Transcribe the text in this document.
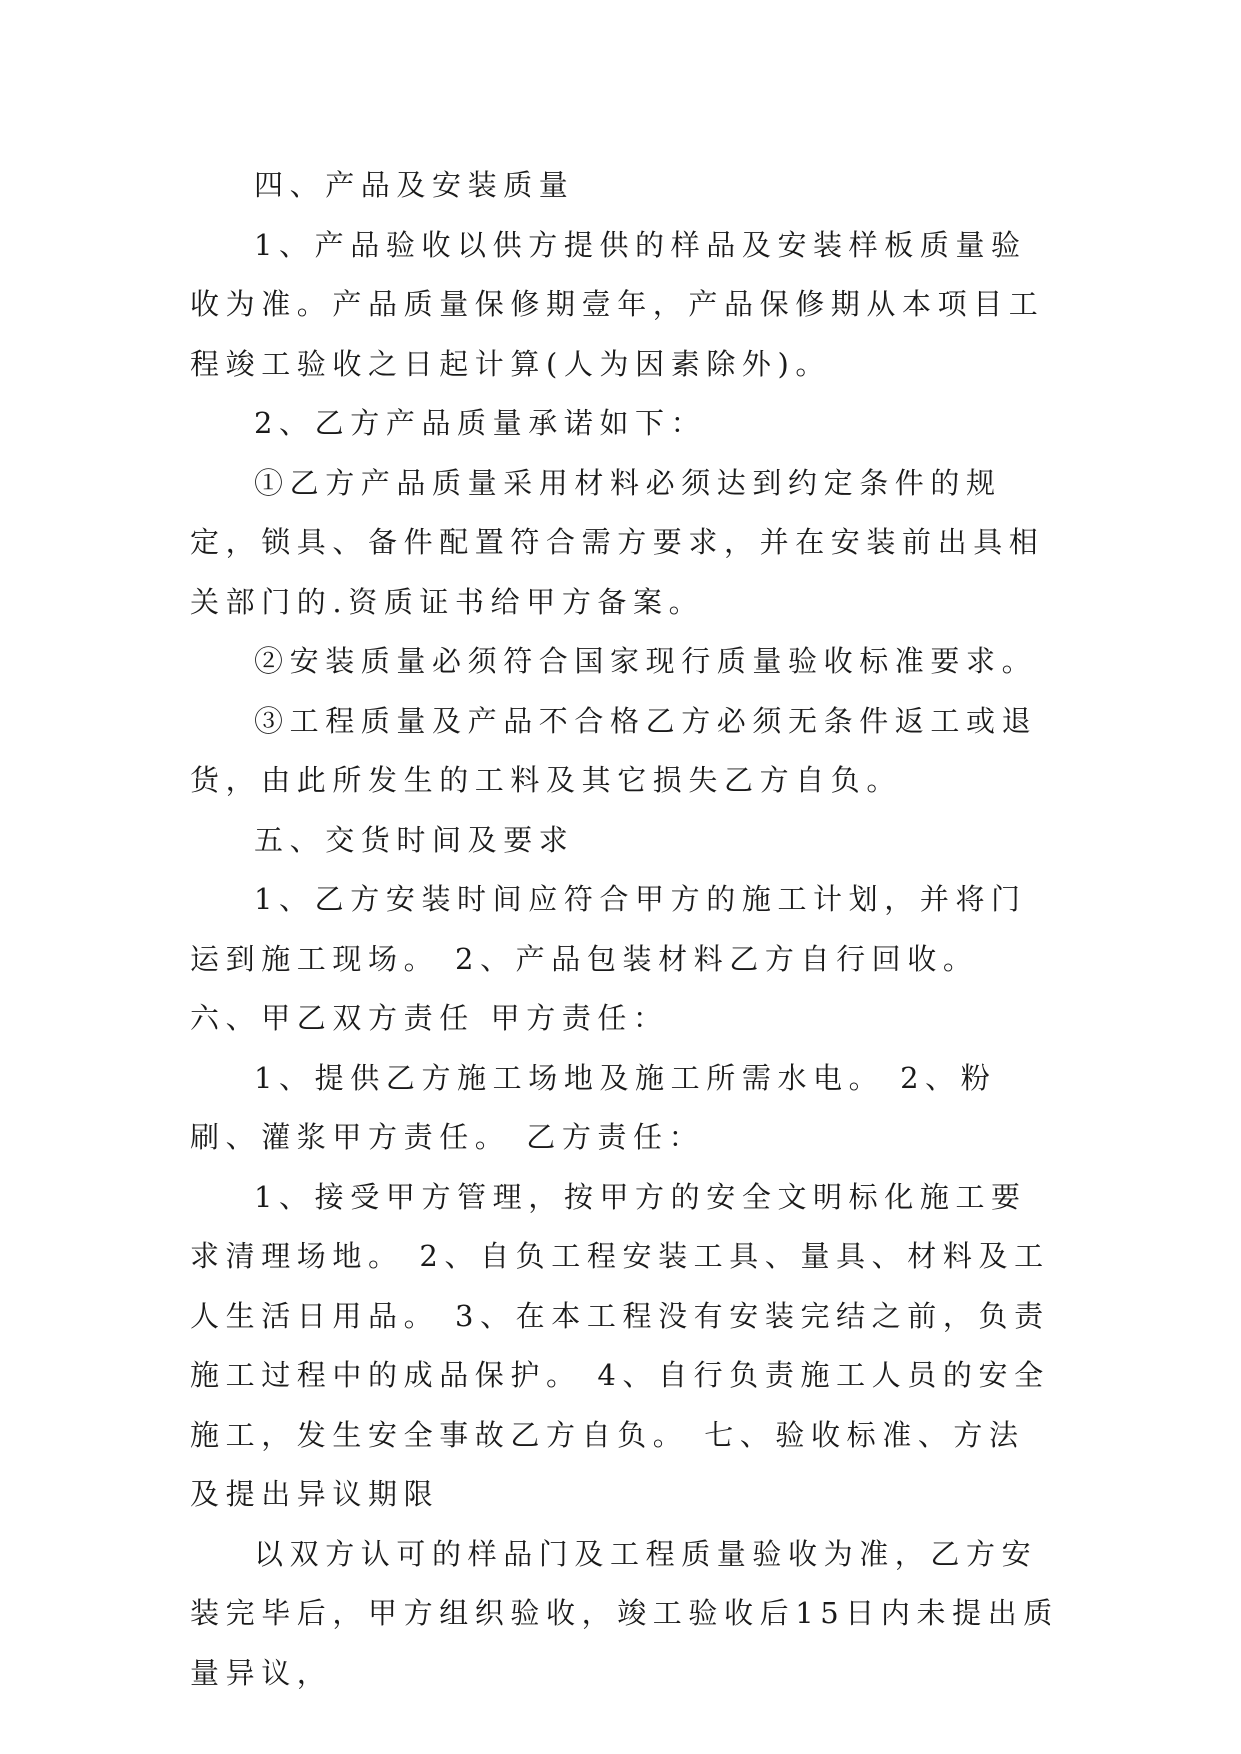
四、产品及安装质量

1、产品验收以供方提供的样品及安装样板质量验收为准。产品质量保修期壹年，产品保修期从本项目工程竣工验收之日起计算(人为因素除外)。

2、乙方产品质量承诺如下：

①乙方产品质量采用材料必须达到约定条件的规定，锁具、备件配置符合需方要求，并在安装前出具相关部门的.资质证书给甲方备案。

②安装质量必须符合国家现行质量验收标准要求。

③工程质量及产品不合格乙方必须无条件返工或退货，由此所发生的工料及其它损失乙方自负。

五、交货时间及要求

1、乙方安装时间应符合甲方的施工计划，并将门运到施工现场。 2、产品包装材料乙方自行回收。 六、甲乙双方责任 甲方责任：

1、提供乙方施工场地及施工所需水电。 2、粉刷、灌浆甲方责任。 乙方责任：

1、接受甲方管理，按甲方的安全文明标化施工要求清理场地。 2、自负工程安装工具、量具、材料及工人生活日用品。 3、在本工程没有安装完结之前，负责施工过程中的成品保护。 4、自行负责施工人员的安全施工，发生安全事故乙方自负。 七、验收标准、方法及提出异议期限

以双方认可的样品门及工程质量验收为准，乙方安装完毕后，甲方组织验收，竣工验收后15日内未提出质量异议，
